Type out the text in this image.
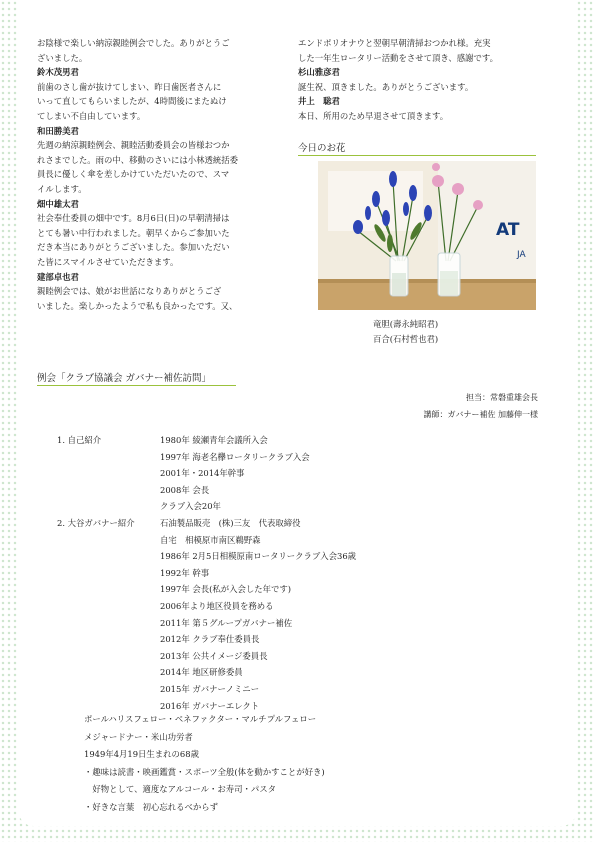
お陰様で楽しい納涼親睦例会でした。ありがとうご
ざいました。
鈴木茂男君
前歯のさし歯が抜けてしまい、昨日歯医者さんに
いって直してもらいましたが、4時間後にまたぬけ
てしまい不自由しています。
和田勝美君
先週の納涼親睦例会、親睦活動委員会の皆様おつか
れさまでした。雨の中、移動のさいには小林透統括委
員長に優しく傘を差しかけていただいたので、スマ
イルします。
畑中雄太君
社会奉仕委員の畑中です。8月6日(日)の早朝清掃は
とても暑い中行われました。朝早くからご参加いた
だき本当にありがとうございました。参加いただい
た皆にスマイルさせていただきます。
建部卓也君
親睦例会では、娘がお世話になりありがとうござ
いました。楽しかったようで私も良かったです。又、
エンドポリオナウと翌朝早朝清掃おつかれ様。充実
した一年生ロータリー活動をさせて頂き、感謝です。
杉山雅彦君
誕生祝、頂きました。ありがとうございます。
井上　聡君
本日、所用のため早退させて頂きます。
今日のお花
AT
JA
竜胆(壽永純昭君)
百合(石村哲也君)
例会「クラブ協議会 ガバナー補佐訪問」
担当：常磐重雄会長
講師：ガバナー補佐 加藤伸一様
1. 自己紹介	1980年 綾瀬青年会議所入会
1997年 海老名欅ロータリークラブ入会
2001年・2014年幹事
2008年 会長
クラブ入会20年
2. 大谷ガバナー紹介	石油製品販売　(株)三友　代表取締役
自宅　相模原市南区鵜野森
1986年 2月5日相模原南ロータリークラブ入会36歳
1992年 幹事
1997年 会長(私が入会した年です)
2006年より地区役員を務める
2011年 第５グループガバナー補佐
2012年 クラブ奉仕委員長
2013年 公共イメージ委員長
2014年 地区研修委員
2015年 ガバナーノミニー
2016年 ガバナーエレクト
ポールハリスフェロー・ベネファクター・マルチプルフェロー
メジャードナー・米山功労者
1949年4月19日生まれの68歳
・趣味は読書・映画鑑賞・スポーツ全般(体を動かすことが好き)
　好物として、適度なアルコール・お寿司・パスタ
・好きな言葉　初心忘れるべからず
